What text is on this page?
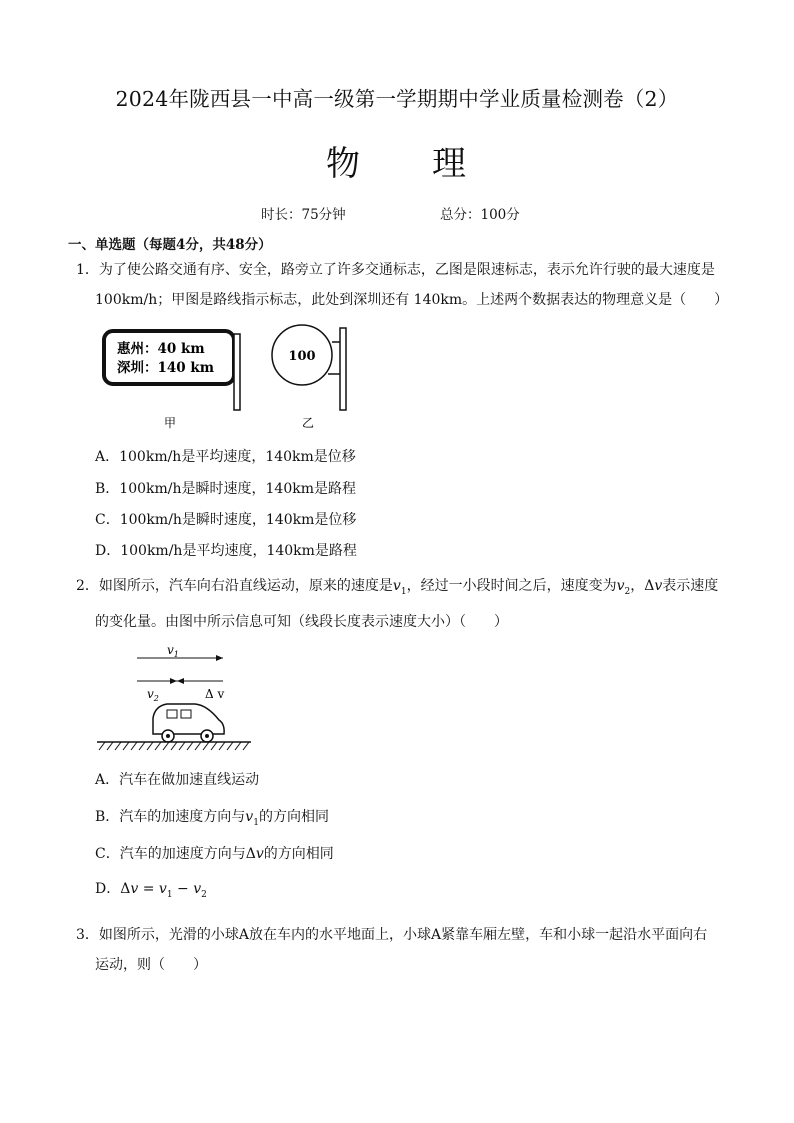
2024年陇西县一中高一级第一学期期中学业质量检测卷（2）
物 理
时长：75分钟	总分：100分
一、单选题（每题4分，共48分）
1．为了使公路交通有序、安全，路旁立了许多交通标志，乙图是限速标志，表示允许行驶的最大速度是
100km/h；甲图是路线指示标志，此处到深圳还有 140km。上述两个数据表达的物理意义是（　　）
惠州：40 km
深圳：140 km
甲
100
乙
A．100km/h是平均速度，140km是位移
B．100km/h是瞬时速度，140km是路程
C．100km/h是瞬时速度，140km是位移
D．100km/h是平均速度，140km是路程
2．如图所示，汽车向右沿直线运动，原来的速度是$v_1$，经过一小段时间之后，速度变为$v_2$，Δv表示速度
的变化量。由图中所示信息可知（线段长度表示速度大小）（　　）
$v_1$
$v_2$	Δ v
A．汽车在做加速直线运动
B．汽车的加速度方向与$v_1$的方向相同
C．汽车的加速度方向与Δv的方向相同
D．$\Delta v = v_1 - v_2$
3．如图所示，光滑的小球A放在车内的水平地面上，小球A紧靠车厢左壁，车和小球一起沿水平面向右
运动，则（　　）
